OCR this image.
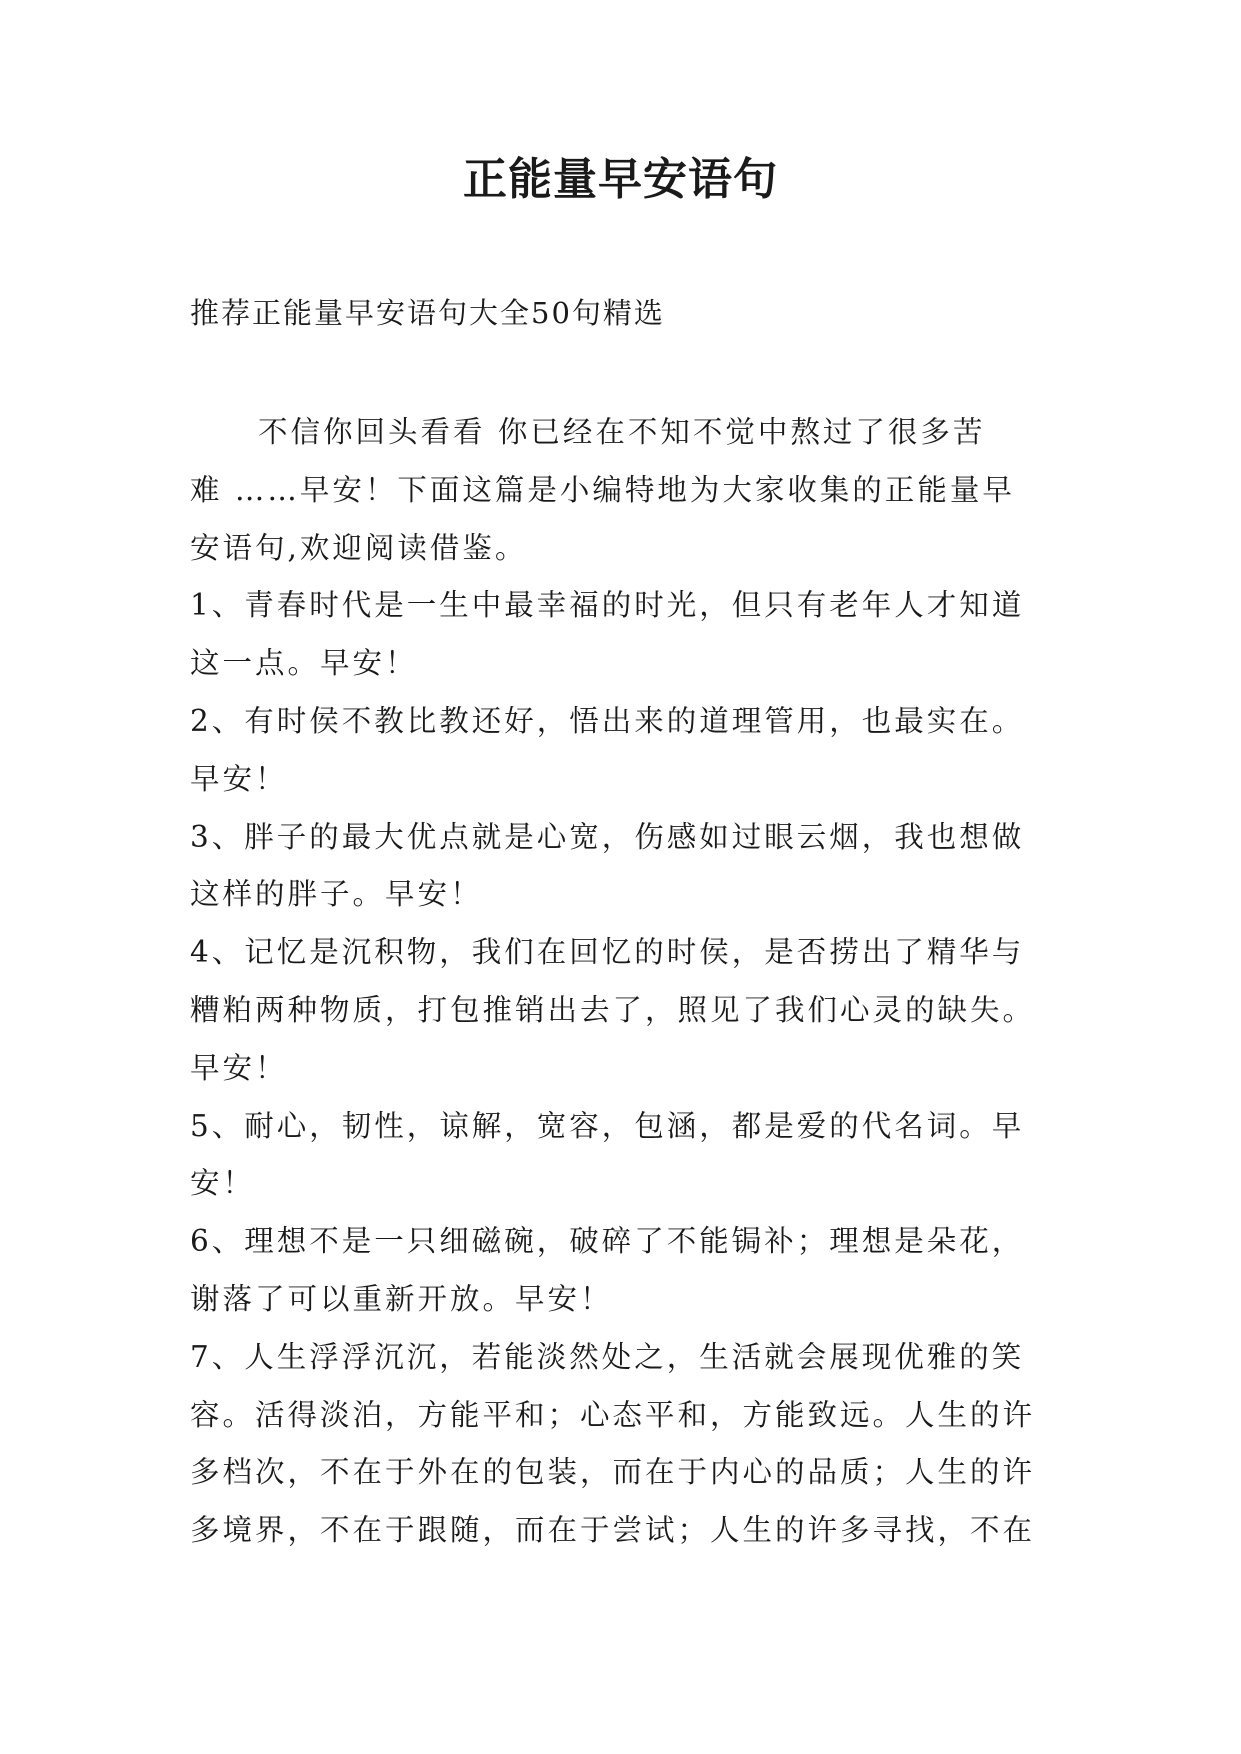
正能量早安语句
推荐正能量早安语句大全50句精选
不信你回头看看 你已经在不知不觉中熬过了很多苦
难 ……早安！下面这篇是小编特地为大家收集的正能量早
安语句,欢迎阅读借鉴。
1、青春时代是一生中最幸福的时光，但只有老年人才知道
这一点。早安！
2、有时侯不教比教还好，悟出来的道理管用，也最实在。
早安！
3、胖子的最大优点就是心宽，伤感如过眼云烟，我也想做
这样的胖子。早安！
4、记忆是沉积物，我们在回忆的时侯，是否捞出了精华与
糟粕两种物质，打包推销出去了，照见了我们心灵的缺失。
早安！
5、耐心，韧性，谅解，宽容，包涵，都是爱的代名词。早
安！
6、理想不是一只细磁碗，破碎了不能锔补；理想是朵花，
谢落了可以重新开放。早安！
7、人生浮浮沉沉，若能淡然处之，生活就会展现优雅的笑
容。活得淡泊，方能平和；心态平和，方能致远。人生的许
多档次，不在于外在的包装，而在于内心的品质；人生的许
多境界，不在于跟随，而在于尝试；人生的许多寻找，不在
